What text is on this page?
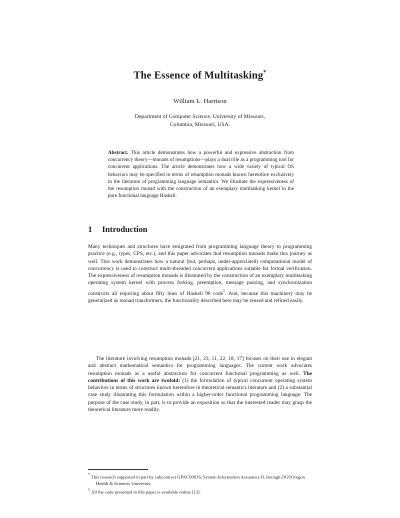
The Essence of Multitasking*
William L. Harrison
Department of Computer Science, University of Missouri,
Columbia, Missouri, USA.
Abstract. This article demonstrates how a powerful and expressive abstraction from concurrency theory—monads of resumptions—plays a dual rôle as a programming tool for concurrent applications. The article demonstrates how a wide variety of typical OS behaviors may be specified in terms of resumption monads known heretofore exclusively in the literature of programming language semantics. We illustrate the expressiveness of the resumption monad with the construction of an exemplary multitasking kernel in the pure functional language Haskell.
1 Introduction
Many techniques and structures have emigrated from programming language theory to programming practice (e.g., types, CPS, etc.), and this paper advocates that resumption monads make this journey as well. This work demonstrates how a natural (but, perhaps, under-appreciated) computational model of concurrency is used to construct multi-threaded concurrent applications suitable for formal verification. The expressiveness of resumption monads is illustrated by the construction of an exemplary multitasking operating system kernel with process forking, preemption, message passing, and synchronization constructs all requiring about fifty lines of Haskell 98 code$^1$. And, because this machinery may be generalized as monad transformers, the functionality described here may be reused and refined easily.
The literature involving resumption monads [21, 23, 11, 22, 18, 17] focuses on their use in elegant and abstract mathematical semantics for programming languages. The current work advocates resumption monads as a useful abstraction for concurrent functional programming as well. The contributions of this work are twofold: (1) the formulation of typical concurrent operating system behaviors in terms of structures known heretofore in theoretical semantics literature and (2) a substantial case study illustrating this formulation within a higher-order functional programming language. The purpose of the case study, in part, is to provide an exposition so that the interested reader may grasp the theoretical literature more readily.
* This research supported in part by subcontract GPACS0016, System Information Assurance II, through OGI/Oregon Health & Sciences University.
$^1$ All the code presented in this paper is available online [13].
